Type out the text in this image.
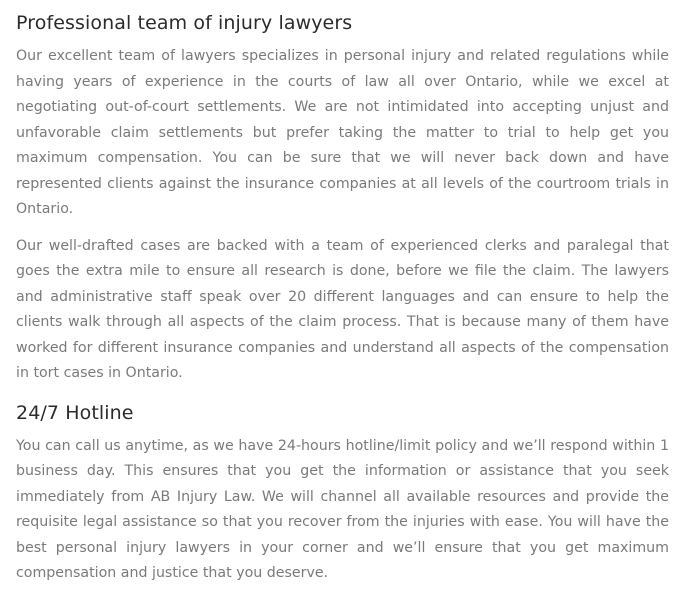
Professional team of injury lawyers

Our excellent team of lawyers specializes in personal injury and related regulations while having years of experience in the courts of law all over Ontario, while we excel at negotiating out-of-court settlements. We are not intimidated into accepting unjust and unfavorable claim settlements but prefer taking the matter to trial to help get you maximum compensation. You can be sure that we will never back down and have represented clients against the insurance companies at all levels of the courtroom trials in Ontario.

Our well-drafted cases are backed with a team of experienced clerks and paralegal that goes the extra mile to ensure all research is done, before we file the claim. The lawyers and administrative staff speak over 20 different languages and can ensure to help the clients walk through all aspects of the claim process. That is because many of them have worked for different insurance companies and understand all aspects of the compensation in tort cases in Ontario.

24/7 Hotline

You can call us anytime, as we have 24-hours hotline/limit policy and we’ll respond within 1 business day. This ensures that you get the information or assistance that you seek immediately from AB Injury Law. We will channel all available resources and provide the requisite legal assistance so that you recover from the injuries with ease. You will have the best personal injury lawyers in your corner and we’ll ensure that you get maximum compensation and justice that you deserve.
